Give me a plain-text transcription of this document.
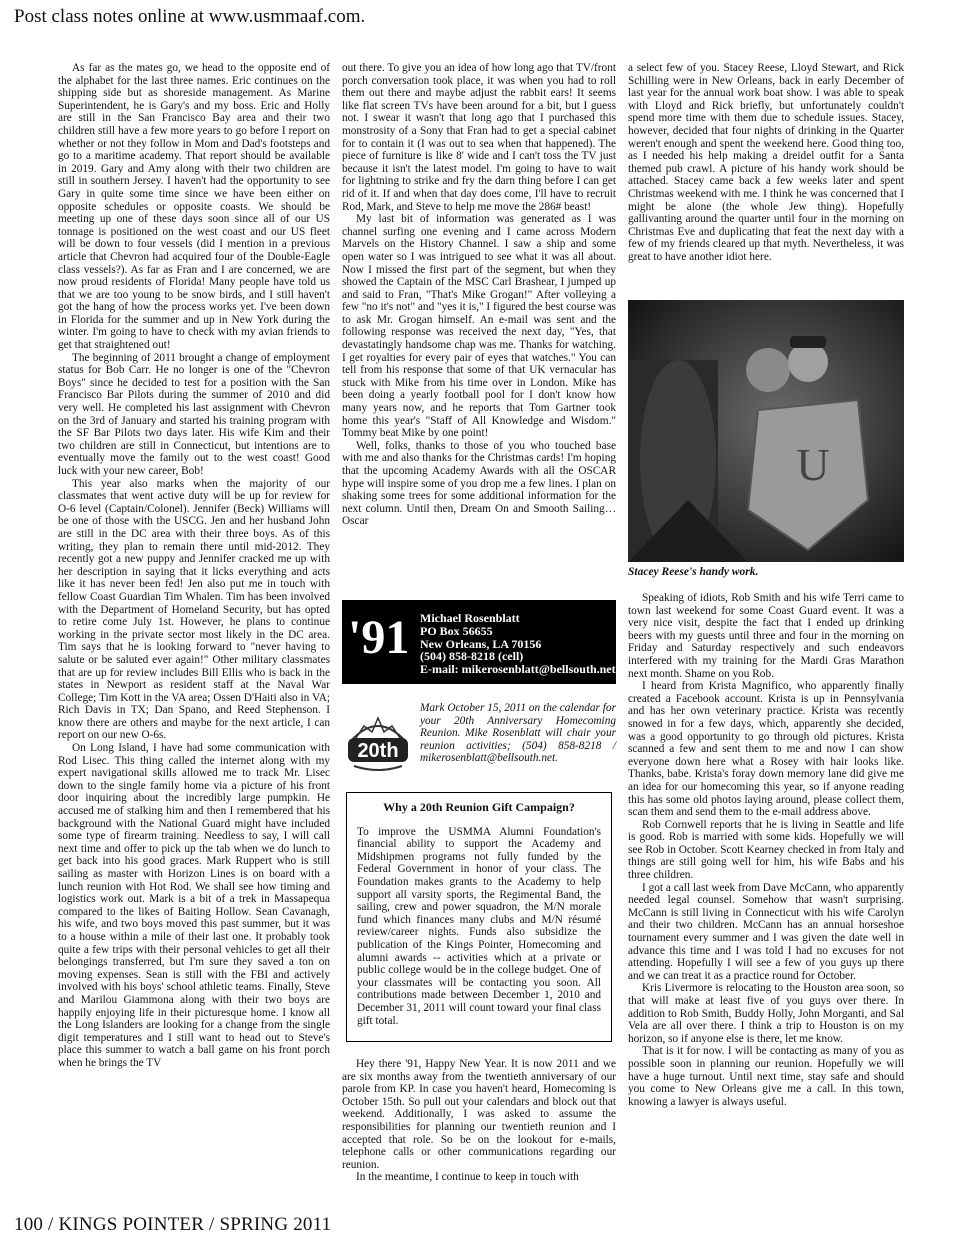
Post class notes online at www.usmmaaf.com.

As far as the mates go, we head to the opposite end of the alphabet for the last three names. Eric continues on the shipping side but as shoreside management. As Marine Superintendent, he is Gary's and my boss. Eric and Holly are still in the San Francisco Bay area and their two children still have a few more years to go before I report on whether or not they follow in Mom and Dad's footsteps and go to a maritime academy. That report should be available in 2019. Gary and Amy along with their two children are still in southern Jersey. I haven't had the opportunity to see Gary in quite some time since we have been either on opposite schedules or opposite coasts. We should be meeting up one of these days soon since all of our US tonnage is positioned on the west coast and our US fleet will be down to four vessels (did I mention in a previous article that Chevron had acquired four of the Double-Eagle class vessels?). As far as Fran and I are concerned, we are now proud residents of Florida! Many people have told us that we are too young to be snow birds, and I still haven't got the hang of how the process works yet. I've been down in Florida for the summer and up in New York during the winter. I'm going to have to check with my avian friends to get that straightened out!

The beginning of 2011 brought a change of employment status for Bob Carr. He no longer is one of the "Chevron Boys" since he decided to test for a position with the San Francisco Bar Pilots during the summer of 2010 and did very well. He completed his last assignment with Chevron on the 3rd of January and started his training program with the SF Bar Pilots two days later. His wife Kim and their two children are still in Connecticut, but intentions are to eventually move the family out to the west coast! Good luck with your new career, Bob!

This year also marks when the majority of our classmates that went active duty will be up for review for O-6 level (Captain/Colonel). Jennifer (Beck) Williams will be one of those with the USCG. Jen and her husband John are still in the DC area with their three boys. As of this writing, they plan to remain there until mid-2012. They recently got a new puppy and Jennifer cracked me up with her description in saying that it licks everything and acts like it has never been fed! Jen also put me in touch with fellow Coast Guardian Tim Whalen. Tim has been involved with the Department of Homeland Security, but has opted to retire come July 1st. However, he plans to continue working in the private sector most likely in the DC area. Tim says that he is looking forward to "never having to salute or be saluted ever again!" Other military classmates that are up for review includes Bill Ellis who is back in the states in Newport as resident staff at the Naval War College; Tim Kott in the VA area; Ossen D'Haiti also in VA; Rich Davis in TX; Dan Spano, and Reed Stephenson. I know there are others and maybe for the next article, I can report on our new O-6s.

On Long Island, I have had some communication with Rod Lisec. This thing called the internet along with my expert navigational skills allowed me to track Mr. Lisec down to the single family home via a picture of his front door inquiring about the incredibly large pumpkin. He accused me of stalking him and then I remembered that his background with the National Guard might have included some type of firearm training. Needless to say, I will call next time and offer to pick up the tab when we do lunch to get back into his good graces. Mark Ruppert who is still sailing as master with Horizon Lines is on board with a lunch reunion with Hot Rod. We shall see how timing and logistics work out. Mark is a bit of a trek in Massapequa compared to the likes of Baiting Hollow. Sean Cavanagh, his wife, and two boys moved this past summer, but it was to a house within a mile of their last one. It probably took quite a few trips with their personal vehicles to get all their belongings transferred, but I'm sure they saved a ton on moving expenses. Sean is still with the FBI and actively involved with his boys' school athletic teams. Finally, Steve and Marilou Giammona along with their two boys are happily enjoying life in their picturesque home. I know all the Long Islanders are looking for a change from the single digit temperatures and I still want to head out to Steve's place this summer to watch a ball game on his front porch when he brings the TV

out there. To give you an idea of how long ago that TV/front porch conversation took place, it was when you had to roll them out there and maybe adjust the rabbit ears! It seems like flat screen TVs have been around for a bit, but I guess not. I swear it wasn't that long ago that I purchased this monstrosity of a Sony that Fran had to get a special cabinet for to contain it (I was out to sea when that happened). The piece of furniture is like 8' wide and I can't toss the TV just because it isn't the latest model. I'm going to have to wait for lightning to strike and fry the darn thing before I can get rid of it. If and when that day does come, I'll have to recruit Rod, Mark, and Steve to help me move the 286# beast!

My last bit of information was generated as I was channel surfing one evening and I came across Modern Marvels on the History Channel. I saw a ship and some open water so I was intrigued to see what it was all about. Now I missed the first part of the segment, but when they showed the Captain of the MSC Carl Brashear, I jumped up and said to Fran, "That's Mike Grogan!" After volleying a few "no it's not" and "yes it is," I figured the best course was to ask Mr. Grogan himself. An e-mail was sent and the following response was received the next day, "Yes, that devastatingly handsome chap was me. Thanks for watching. I get royalties for every pair of eyes that watches." You can tell from his response that some of that UK vernacular has stuck with Mike from his time over in London. Mike has been doing a yearly football pool for I don't know how many years now, and he reports that Tom Gartner took home this year's "Staff of All Knowledge and Wisdom." Tommy beat Mike by one point!

Well, folks, thanks to those of you who touched base with me and also thanks for the Christmas cards! I'm hoping that the upcoming Academy Awards with all the OSCAR hype will inspire some of you drop me a few lines. I plan on shaking some trees for some additional information for the next column. Until then, Dream On and Smooth Sailing…Oscar

'91 Michael Rosenblatt
PO Box 56655
New Orleans, LA 70156
(504) 858-8218 (cell)
E-mail: mikerosenblatt@bellsouth.net
20th
Mark October 15, 2011 on the calendar for your 20th Anniversary Homecoming Reunion. Mike Rosenblatt will chair your reunion activities; (504) 858-8218 / mikerosenblatt@bellsouth.net.
Why a 20th Reunion Gift Campaign?
To improve the USMMA Alumni Foundation's financial ability to support the Academy and Midshipmen programs not fully funded by the Federal Government in honor of your class. The Foundation makes grants to the Academy to help support all varsity sports, the Regimental Band, the sailing, crew and power squadron, the M/N morale fund which finances many clubs and M/N résumé review/career nights. Funds also subsidize the publication of the Kings Pointer, Homecoming and alumni awards -- activities which at a private or public college would be in the college budget. One of your classmates will be contacting you soon. All contributions made between December 1, 2010 and December 31, 2011 will count toward your final class gift total.

Hey there '91, Happy New Year. It is now 2011 and we are six months away from the twentieth anniversary of our parole from KP. In case you haven't heard, Homecoming is October 15th. So pull out your calendars and block out that weekend. Additionally, I was asked to assume the responsibilities for planning our twentieth reunion and I accepted that role. So be on the lookout for e-mails, telephone calls or other communications regarding our reunion.

In the meantime, I continue to keep in touch with

a select few of you. Stacey Reese, Lloyd Stewart, and Rick Schilling were in New Orleans, back in early December of last year for the annual work boat show. I was able to speak with Lloyd and Rick briefly, but unfortunately couldn't spend more time with them due to schedule issues. Stacey, however, decided that four nights of drinking in the Quarter weren't enough and spent the weekend here. Good thing too, as I needed his help making a dreidel outfit for a Santa themed pub crawl. A picture of his handy work should be attached. Stacey came back a few weeks later and spent Christmas weekend with me. I think he was concerned that I might be alone (the whole Jew thing). Hopefully gallivanting around the quarter until four in the morning on Christmas Eve and duplicating that feat the next day with a few of my friends cleared up that myth. Nevertheless, it was great to have another idiot here.

U
Stacey Reese's handy work.

Speaking of idiots, Rob Smith and his wife Terri came to town last weekend for some Coast Guard event. It was a very nice visit, despite the fact that I ended up drinking beers with my guests until three and four in the morning on Friday and Saturday respectively and such endeavors interfered with my training for the Mardi Gras Marathon next month. Shame on you Rob.

I heard from Krista Magnifico, who apparently finally created a Facebook account. Krista is up in Pennsylvania and has her own veterinary practice. Krista was recently snowed in for a few days, which, apparently she decided, was a good opportunity to go through old pictures. Krista scanned a few and sent them to me and now I can show everyone down here what a Rosey with hair looks like. Thanks, babe. Krista's foray down memory lane did give me an idea for our homecoming this year, so if anyone reading this has some old photos laying around, please collect them, scan them and send them to the e-mail address above.

Rob Cornwell reports that he is living in Seattle and life is good. Rob is married with some kids. Hopefully we will see Rob in October. Scott Kearney checked in from Italy and things are still going well for him, his wife Babs and his three children.

I got a call last week from Dave McCann, who apparently needed legal counsel. Somehow that wasn't surprising. McCann is still living in Connecticut with his wife Carolyn and their two children. McCann has an annual horseshoe tournament every summer and I was given the date well in advance this time and I was told I had no excuses for not attending. Hopefully I will see a few of you guys up there and we can treat it as a practice round for October.

Kris Livermore is relocating to the Houston area soon, so that will make at least five of you guys over there. In addition to Rob Smith, Buddy Holly, John Morganti, and Sal Vela are all over there. I think a trip to Houston is on my horizon, so if anyone else is there, let me know.

That is it for now. I will be contacting as many of you as possible soon in planning our reunion. Hopefully we will have a huge turnout. Until next time, stay safe and should you come to New Orleans give me a call. In this town, knowing a lawyer is always useful.

100 / KINGS POINTER / SPRING 2011
